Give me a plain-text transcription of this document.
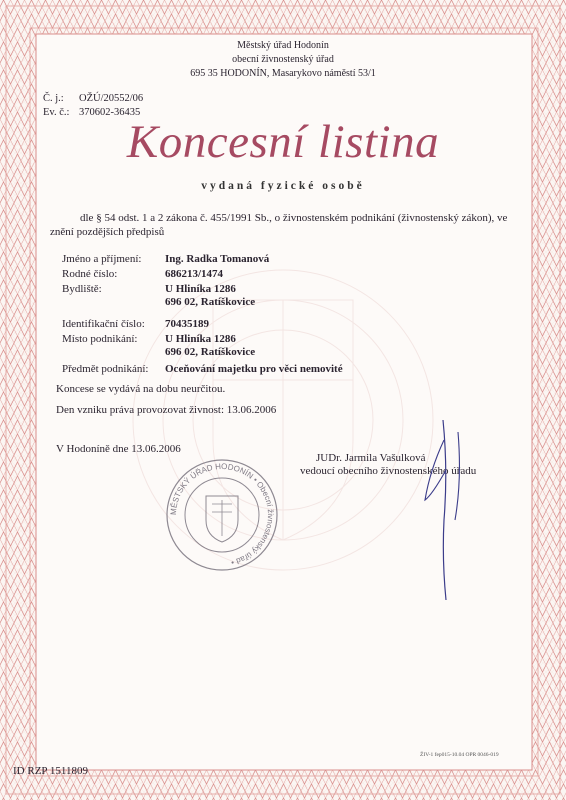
Městský úřad Hodonín
obecní živnostenský úřad
695 35 HODONÍN, Masarykovo náměstí 53/1
Č. j.: OŽÚ/20552/06
Ev. č.: 370602-36435
Koncesní listina
vydaná fyzické osobě
dle § 54 odst. 1 a 2 zákona č. 455/1991 Sb., o živnostenském podnikání (živnostenský zákon), ve
znění pozdějších předpisů
Jméno a příjmení: Ing. Radka Tomanová
Rodné číslo:	686213/1474
Bydliště:	U Hliníka 1286
696 02, Ratíškovice
Identifikační číslo: 70435189
Místo podnikání:	U Hliníka 1286
696 02, Ratíškovice
Předmět podnikání: Oceňování majetku pro věci nemovité
Koncese se vydává na dobu neurčitou.
Den vzniku práva provozovat živnost: 13.06.2006
V Hodoníně dne 13.06.2006
JUDr. Jarmila Vašulková
vedoucí obecního živnostenského úřadu
MĚSTSKÝ ÚŘAD HODONÍN • Obecní živnostenský úřad •
ID RZP 1511809
ŽIV-1 fep015-10.04 OPR 0046-019
